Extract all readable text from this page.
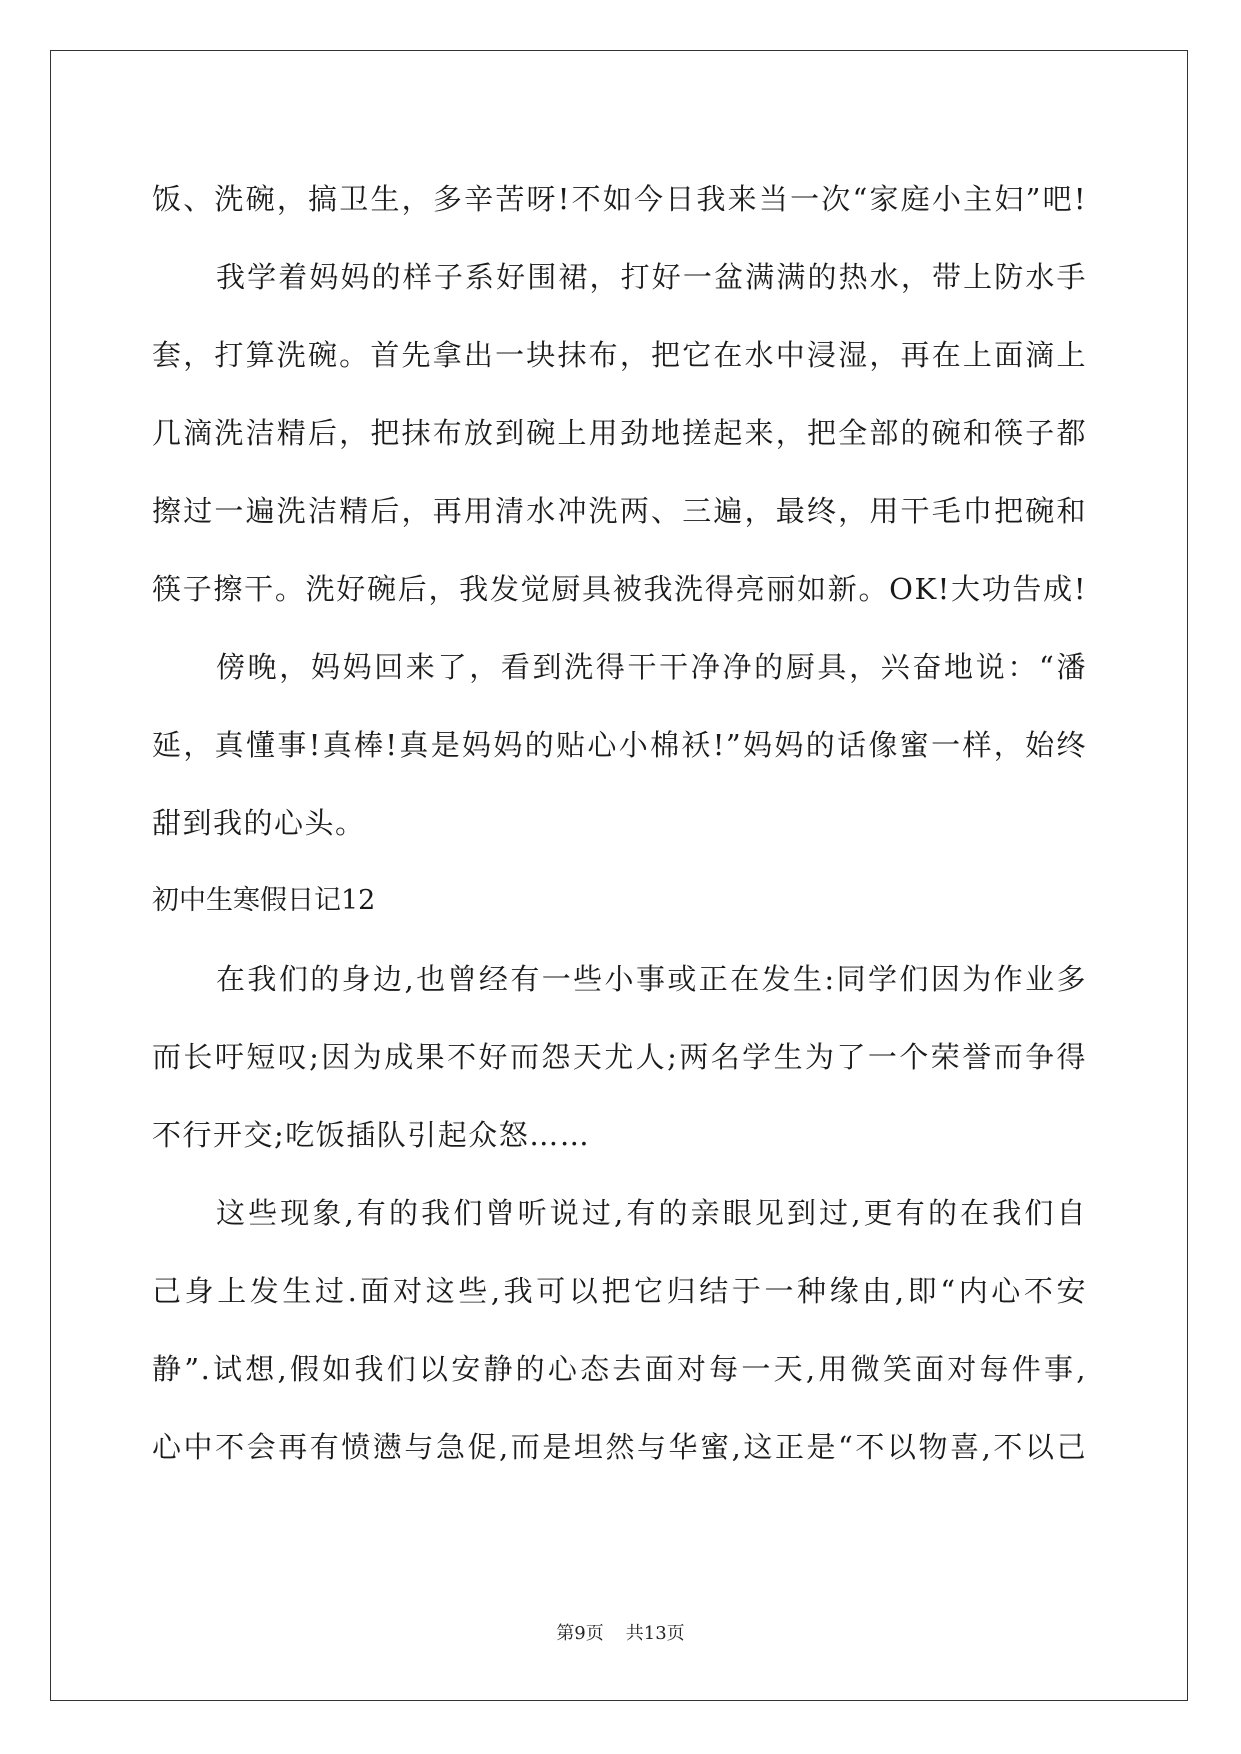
饭、洗碗，搞卫生，多辛苦呀!不如今日我来当一次“家庭小主妇”吧!
我学着妈妈的样子系好围裙，打好一盆满满的热水，带上防水手
套，打算洗碗。首先拿出一块抹布，把它在水中浸湿，再在上面滴上
几滴洗洁精后，把抹布放到碗上用劲地搓起来，把全部的碗和筷子都
擦过一遍洗洁精后，再用清水冲洗两、三遍，最终，用干毛巾把碗和
筷子擦干。洗好碗后，我发觉厨具被我洗得亮丽如新。OK!大功告成!
傍晚，妈妈回来了，看到洗得干干净净的厨具，兴奋地说：“潘
延，真懂事!真棒!真是妈妈的贴心小棉袄!”妈妈的话像蜜一样，始终
甜到我的心头。
初中生寒假日记12
在我们的身边,也曾经有一些小事或正在发生:同学们因为作业多
而长吁短叹;因为成果不好而怨天尤人;两名学生为了一个荣誉而争得
不行开交;吃饭插队引起众怒……
这些现象,有的我们曾听说过,有的亲眼见到过,更有的在我们自
己身上发生过.面对这些,我可以把它归结于一种缘由,即“内心不安
静”.试想,假如我们以安静的心态去面对每一天,用微笑面对每件事,
心中不会再有愤懑与急促,而是坦然与华蜜,这正是“不以物喜,不以己
第9页 共13页
